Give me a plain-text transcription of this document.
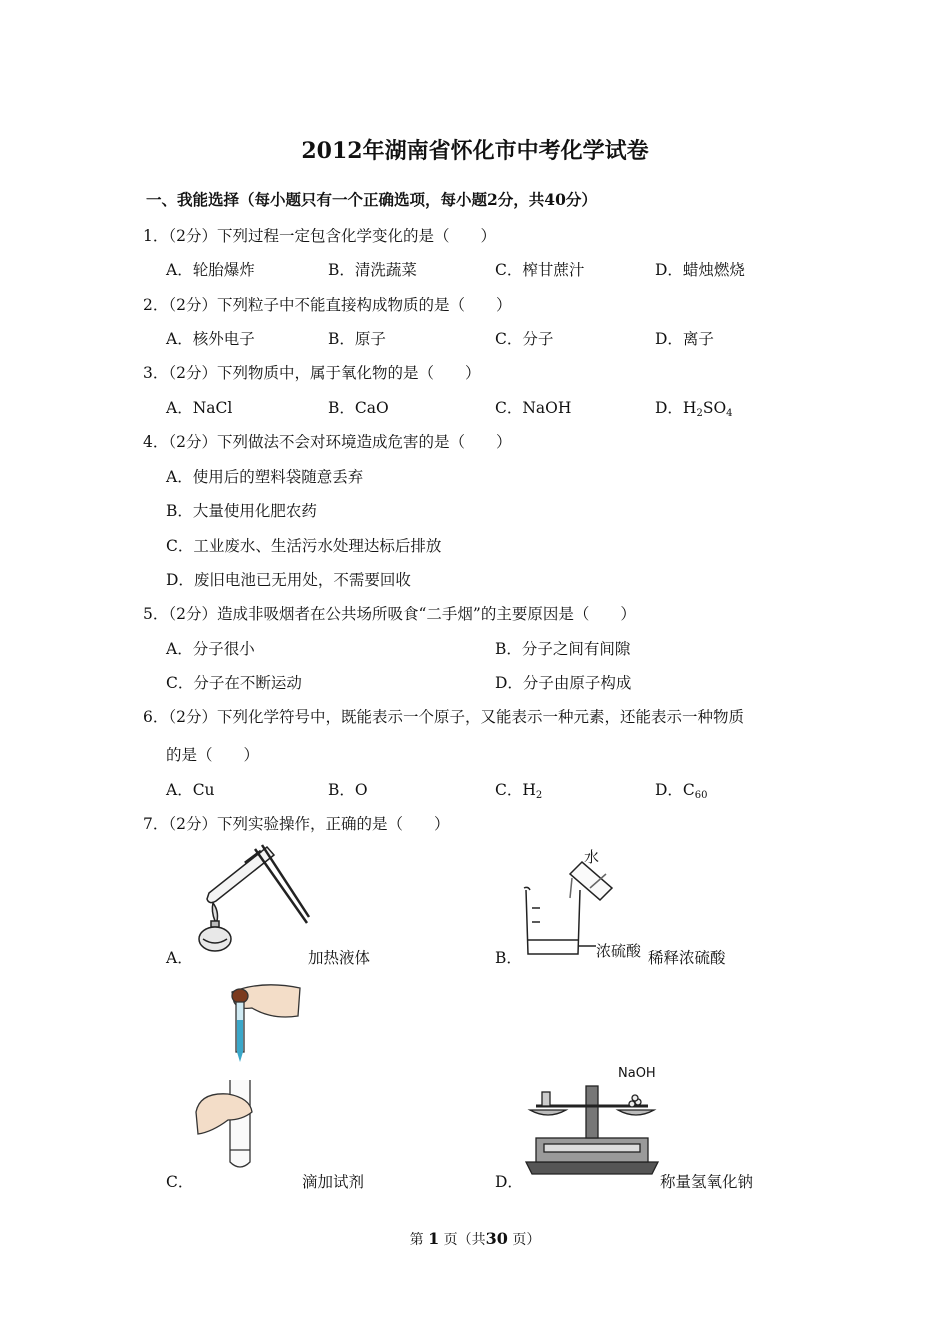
2012年湖南省怀化市中考化学试卷
一、我能选择（每小题只有一个正确选项，每小题2分，共40分）
1．（2分）下列过程一定包含化学变化的是（　　）
A．轮胎爆炸	B．清洗蔬菜	C．榨甘蔗汁	D．蜡烛燃烧
2．（2分）下列粒子中不能直接构成物质的是（　　）
A．核外电子	B．原子	C．分子	D．离子
3．（2分）下列物质中，属于氧化物的是（　　）
A．NaCl	B．CaO	C．NaOH	D．$H_2SO_4$
4．（2分）下列做法不会对环境造成危害的是（　　）
A．使用后的塑料袋随意丢弃
B．大量使用化肥农药
C．工业废水、生活污水处理达标后排放
D．废旧电池已无用处，不需要回收
5．（2分）造成非吸烟者在公共场所吸食“二手烟”的主要原因是（　　）
A．分子很小	B．分子之间有间隙
C．分子在不断运动	D．分子由原子构成
6．（2分）下列化学符号中，既能表示一个原子，又能表示一种元素，还能表示一种物质
的是（　　）
A．Cu	B．O	C．$H_2$	D．$C_{60}$
7．（2分）下列实验操作，正确的是（　　）
A．	加热液体
水
浓硫酸
B．	稀释浓硫酸
C．	滴加试剂
NaOH
D．	称量氢氧化钠
第 1 页（共30 页）
